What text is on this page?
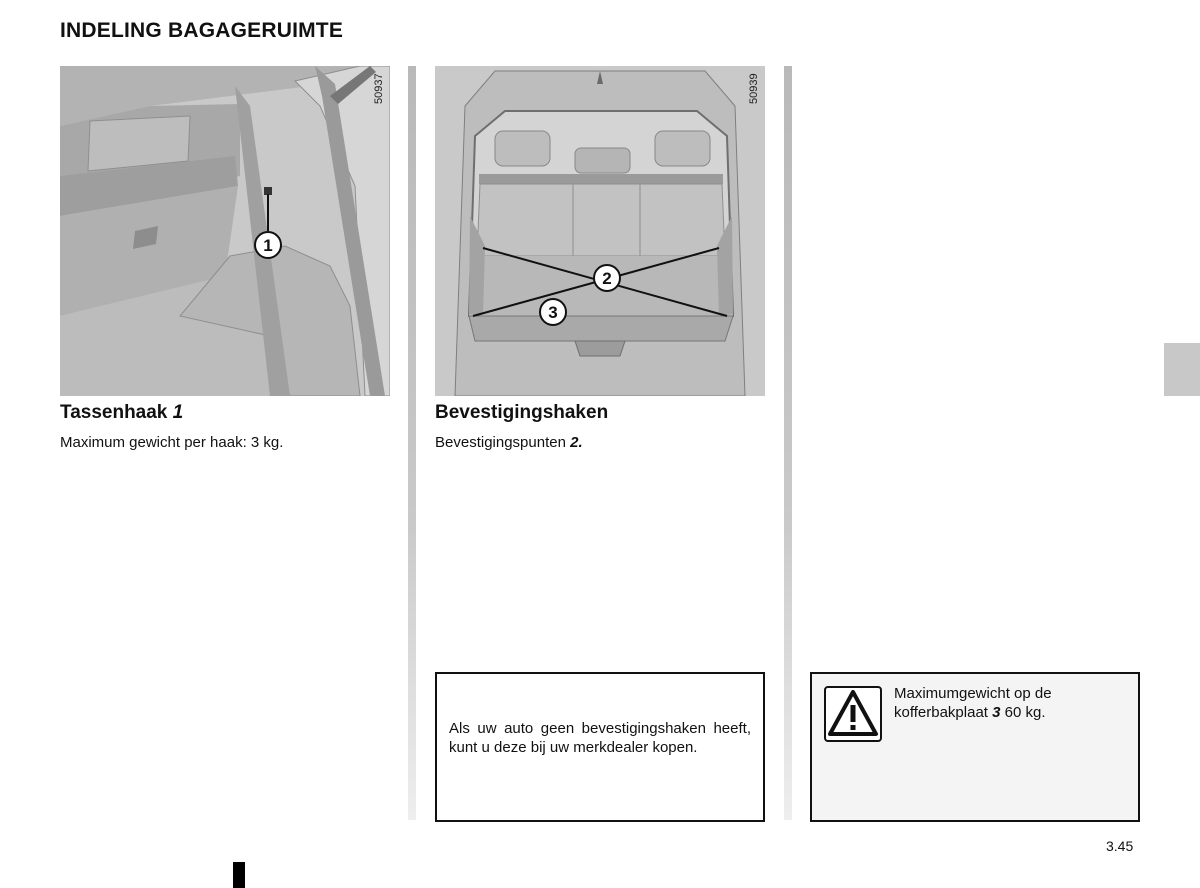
INDELING BAGAGERUIMTE
1
50937
Tassenhaak 1
Maximum gewicht per haak: 3 kg.
2
3
50939
Bevestigingshaken
Bevestigingspunten 2.
Als uw auto geen bevestigingshaken heeft, kunt u deze bij uw merkdealer kopen.
Maximumgewicht op de kofferbakplaat 3 60 kg.
3.45
